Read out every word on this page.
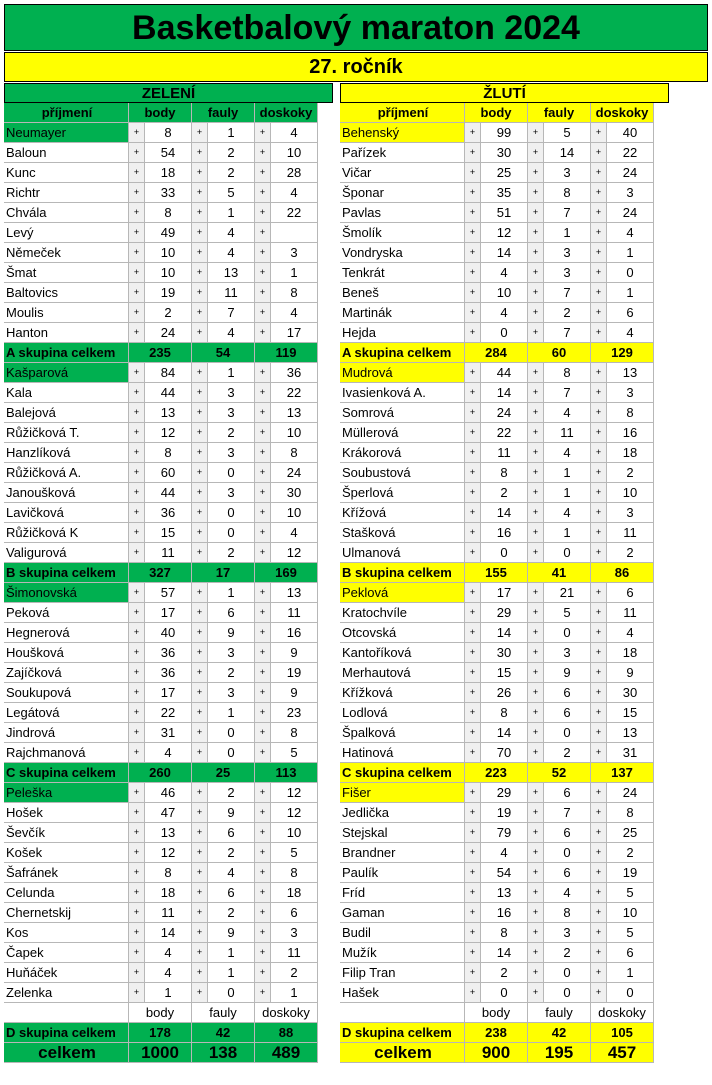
Basketbalový maraton 2024
27. ročník
ZELENÍ
příjmení	body	fauly	doskoky
Neumayer	+	8	+	1	+	4
Baloun	+	54	+	2	+	10
Kunc	+	18	+	2	+	28
Richtr	+	33	+	5	+	4
Chvála	+	8	+	1	+	22
Levý	+	49	+	4	+
Němeček	+	10	+	4	+	3
Šmat	+	10	+	13	+	1
Baltovics	+	19	+	11	+	8
Moulis	+	2	+	7	+	4
Hanton	+	24	+	4	+	17
A skupina celkem	235	54	119
Kašparová	+	84	+	1	+	36
Kala	+	44	+	3	+	22
Balejová	+	13	+	3	+	13
Růžičková T.	+	12	+	2	+	10
Hanzlíková	+	8	+	3	+	8
Růžičková A.	+	60	+	0	+	24
Janoušková	+	44	+	3	+	30
Lavičková	+	36	+	0	+	10
Růžičková K	+	15	+	0	+	4
Valigurová	+	11	+	2	+	12
B skupina celkem	327	17	169
Šimonovská	+	57	+	1	+	13
Peková	+	17	+	6	+	11
Hegnerová	+	40	+	9	+	16
Houšková	+	36	+	3	+	9
Zajíčková	+	36	+	2	+	19
Soukupová	+	17	+	3	+	9
Legátová	+	22	+	1	+	23
Jindrová	+	31	+	0	+	8
Rajchmanová	+	4	+	0	+	5
C skupina celkem	260	25	113
Peleška	+	46	+	2	+	12
Hošek	+	47	+	9	+	12
Ševčík	+	13	+	6	+	10
Košek	+	12	+	2	+	5
Šafránek	+	8	+	4	+	8
Celunda	+	18	+	6	+	18
Chernetskij	+	11	+	2	+	6
Kos	+	14	+	9	+	3
Čapek	+	4	+	1	+	11
Huňáček	+	4	+	1	+	2
Zelenka	+	1	+	0	+	1
body	fauly	doskoky
D skupina celkem	178	42	88
celkem	1000	138	489
ŽLUTÍ
příjmení	body	fauly	doskoky
Behenský	+	99	+	5	+	40
Pařízek	+	30	+	14	+	22
Vičar	+	25	+	3	+	24
Šponar	+	35	+	8	+	3
Pavlas	+	51	+	7	+	24
Šmolík	+	12	+	1	+	4
Vondryska	+	14	+	3	+	1
Tenkrát	+	4	+	3	+	0
Beneš	+	10	+	7	+	1
Martinák	+	4	+	2	+	6
Hejda	+	0	+	7	+	4
A skupina celkem	284	60	129
Mudrová	+	44	+	8	+	13
Ivasienková A.	+	14	+	7	+	3
Somrová	+	24	+	4	+	8
Müllerová	+	22	+	11	+	16
Krákorová	+	11	+	4	+	18
Soubustová	+	8	+	1	+	2
Šperlová	+	2	+	1	+	10
Křížová	+	14	+	4	+	3
Stašková	+	16	+	1	+	11
Ulmanová	+	0	+	0	+	2
B skupina celkem	155	41	86
Peklová	+	17	+	21	+	6
Kratochvíle	+	29	+	5	+	11
Otcovská	+	14	+	0	+	4
Kantoříková	+	30	+	3	+	18
Merhautová	+	15	+	9	+	9
Křížková	+	26	+	6	+	30
Lodlová	+	8	+	6	+	15
Špalková	+	14	+	0	+	13
Hatinová	+	70	+	2	+	31
C skupina celkem	223	52	137
Fišer	+	29	+	6	+	24
Jedlička	+	19	+	7	+	8
Stejskal	+	79	+	6	+	25
Brandner	+	4	+	0	+	2
Paulík	+	54	+	6	+	19
Fríd	+	13	+	4	+	5
Gaman	+	16	+	8	+	10
Budil	+	8	+	3	+	5
Mužík	+	14	+	2	+	6
Filip Tran	+	2	+	0	+	1
Hašek	+	0	+	0	+	0
body	fauly	doskoky
D skupina celkem	238	42	105
celkem	900	195	457
